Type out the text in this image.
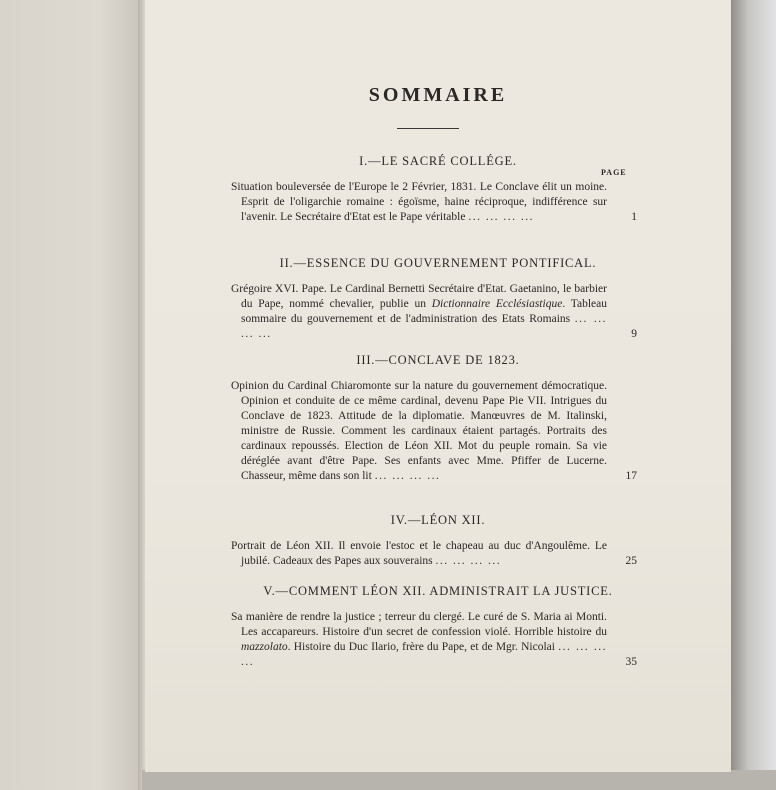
SOMMAIRE
PAGE

I.—LE SACRÉ COLLÉGE.

Situation bouleversée de l'Europe le 2 Février, 1831. Le Conclave élit un moine. Esprit de l'oligarchie romaine : égoïsme, haine réciproque, indifférence sur l'avenir. Le Secrétaire d'Etat est le Pape véritable ... ... ... ...	1

II.—ESSENCE DU GOUVERNEMENT PONTIFICAL.

Grégoire XVI. Pape. Le Cardinal Bernetti Secrétaire d'Etat. Gaetanino, le barbier du Pape, nommé chevalier, publie un Dictionnaire Ecclésiastique. Tableau sommaire du gouvernement et de l'administration des Etats Romains ... ... ... ...	9

III.—CONCLAVE DE 1823.

Opinion du Cardinal Chiaromonte sur la nature du gouvernement démocratique. Opinion et conduite de ce même cardinal, devenu Pape Pie VII. Intrigues du Conclave de 1823. Attitude de la diplomatie. Manœuvres de M. Italinski, ministre de Russie. Comment les cardinaux étaient partagés. Portraits des cardinaux repoussés. Election de Léon XII. Mot du peuple romain. Sa vie déréglée avant d'être Pape. Ses enfants avec Mme. Pfiffer de Lucerne. Chasseur, même dans son lit ... ... ... ...	17

IV.—LÉON XII.

Portrait de Léon XII. Il envoie l'estoc et le chapeau au duc d'Angoulême. Le jubilé. Cadeaux des Papes aux souverains ... ... ... ...	25

V.—COMMENT LÉON XII. ADMINISTRAIT LA JUSTICE.

Sa manière de rendre la justice ; terreur du clergé. Le curé de S. Maria ai Monti. Les accapareurs. Histoire d'un secret de confession violé. Horrible histoire du mazzolato. Histoire du Duc Ilario, frère du Pape, et de Mgr. Nicolai ... ... ... ...	35
